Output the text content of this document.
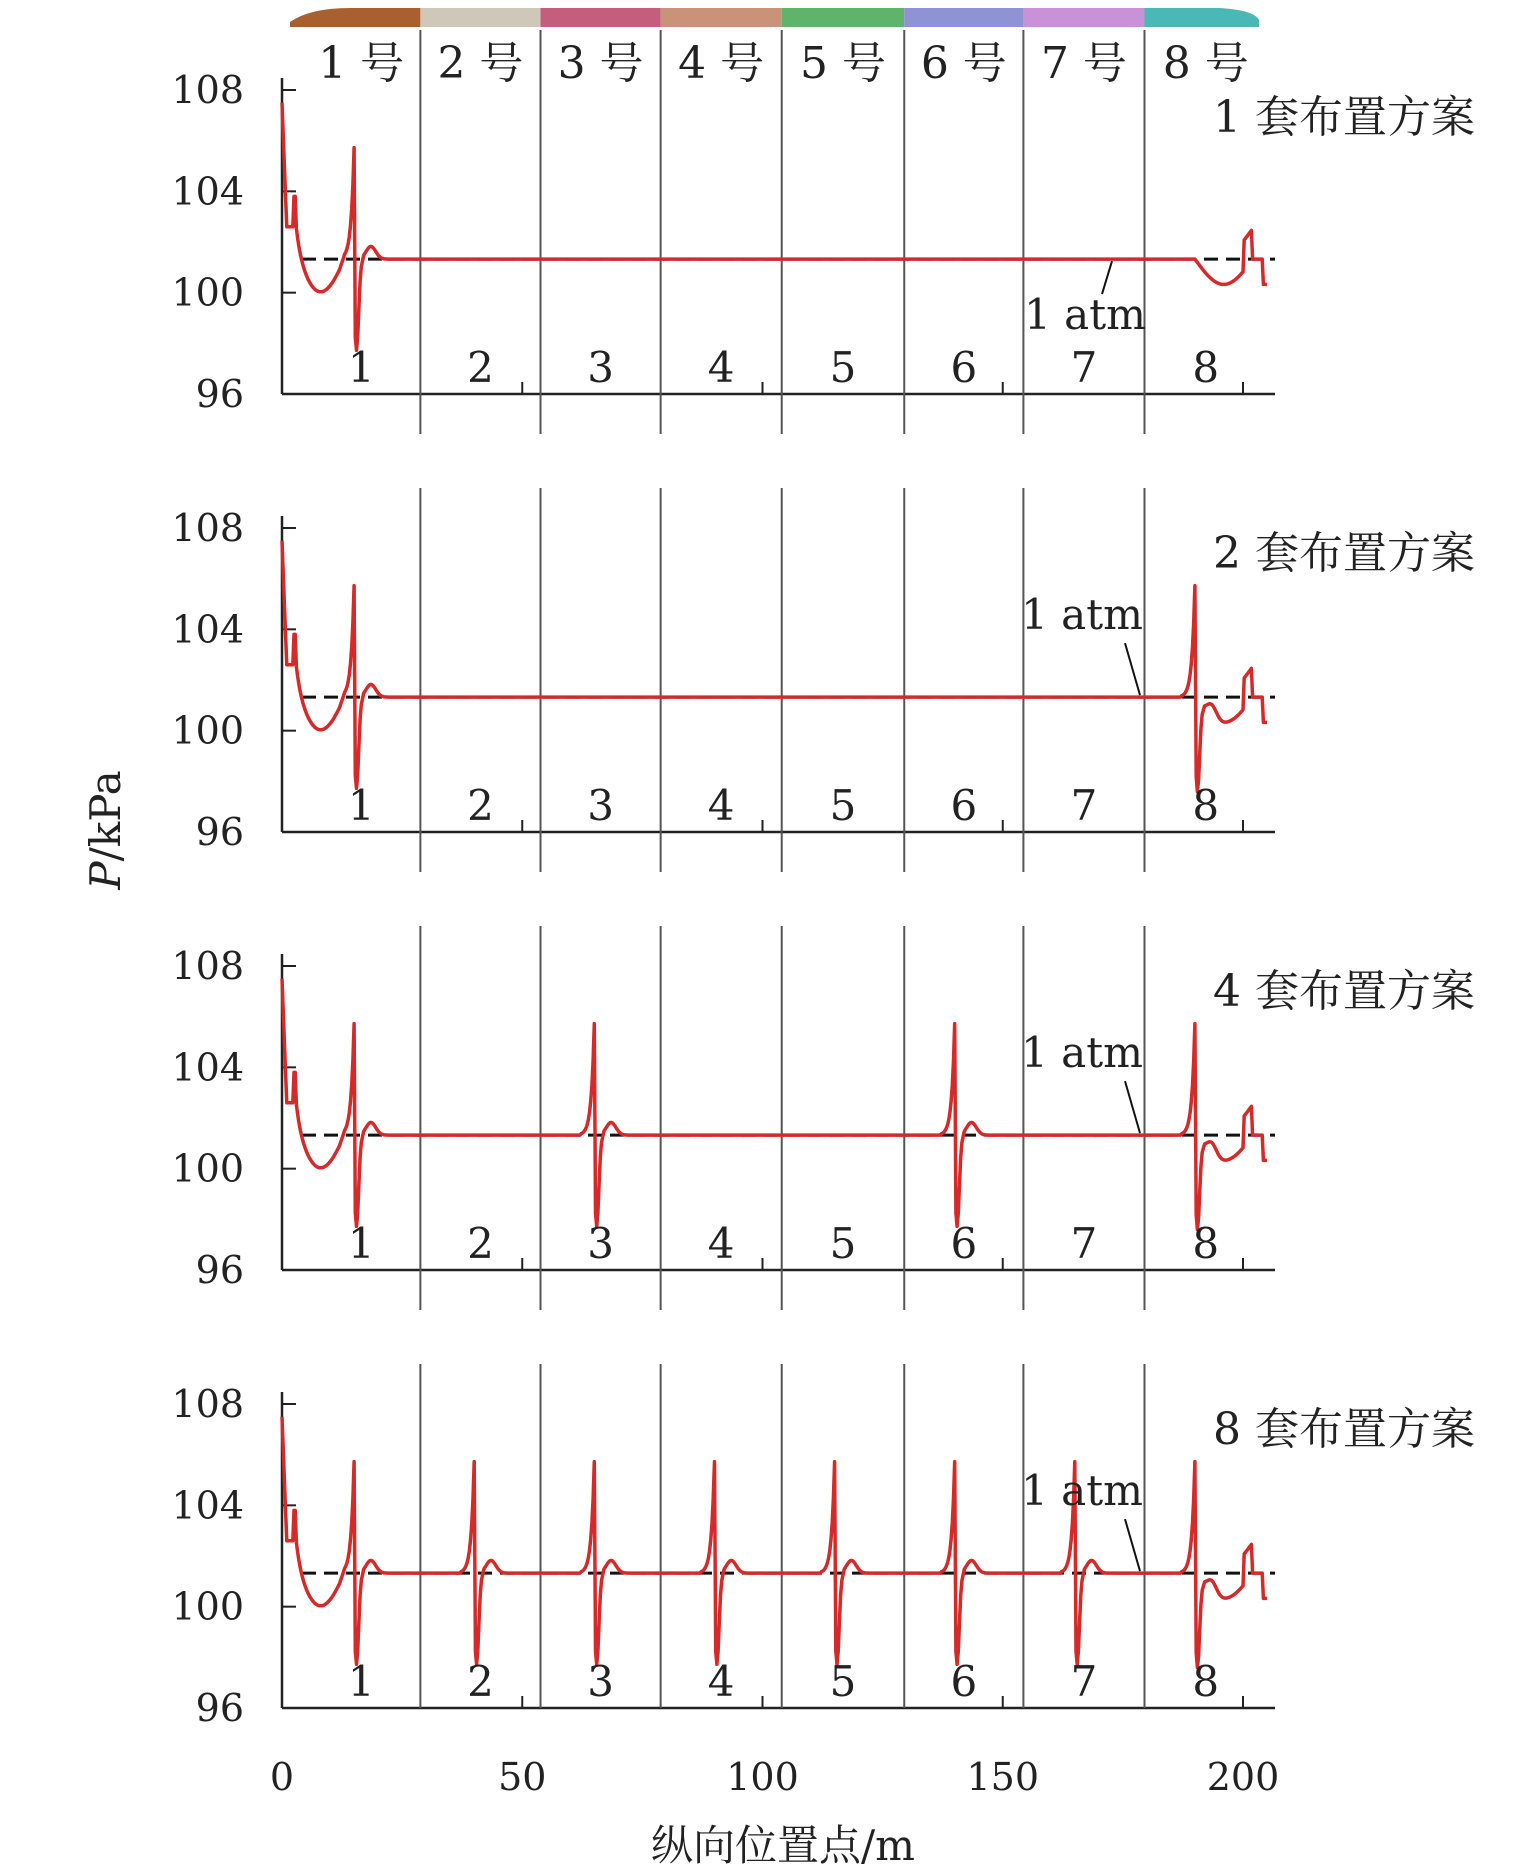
1 号 2 号 3 号 4 号 5 号 6 号 7 号 8 号
96
100
104
108
1 2 3 4 5 6 7 8
1 套布置方案
1 atm
96
100
104
108
1 2 3 4 5 6 7 8
2 套布置方案
1 atm
96
100
104
108
1 2 3 4 5 6 7 8
4 套布置方案
1 atm
96
100
104
108
1 2 3 4 5 6 7 8
8 套布置方案
1 atm
0	50	100	150	200
纵向位置点/m
P/kPa
